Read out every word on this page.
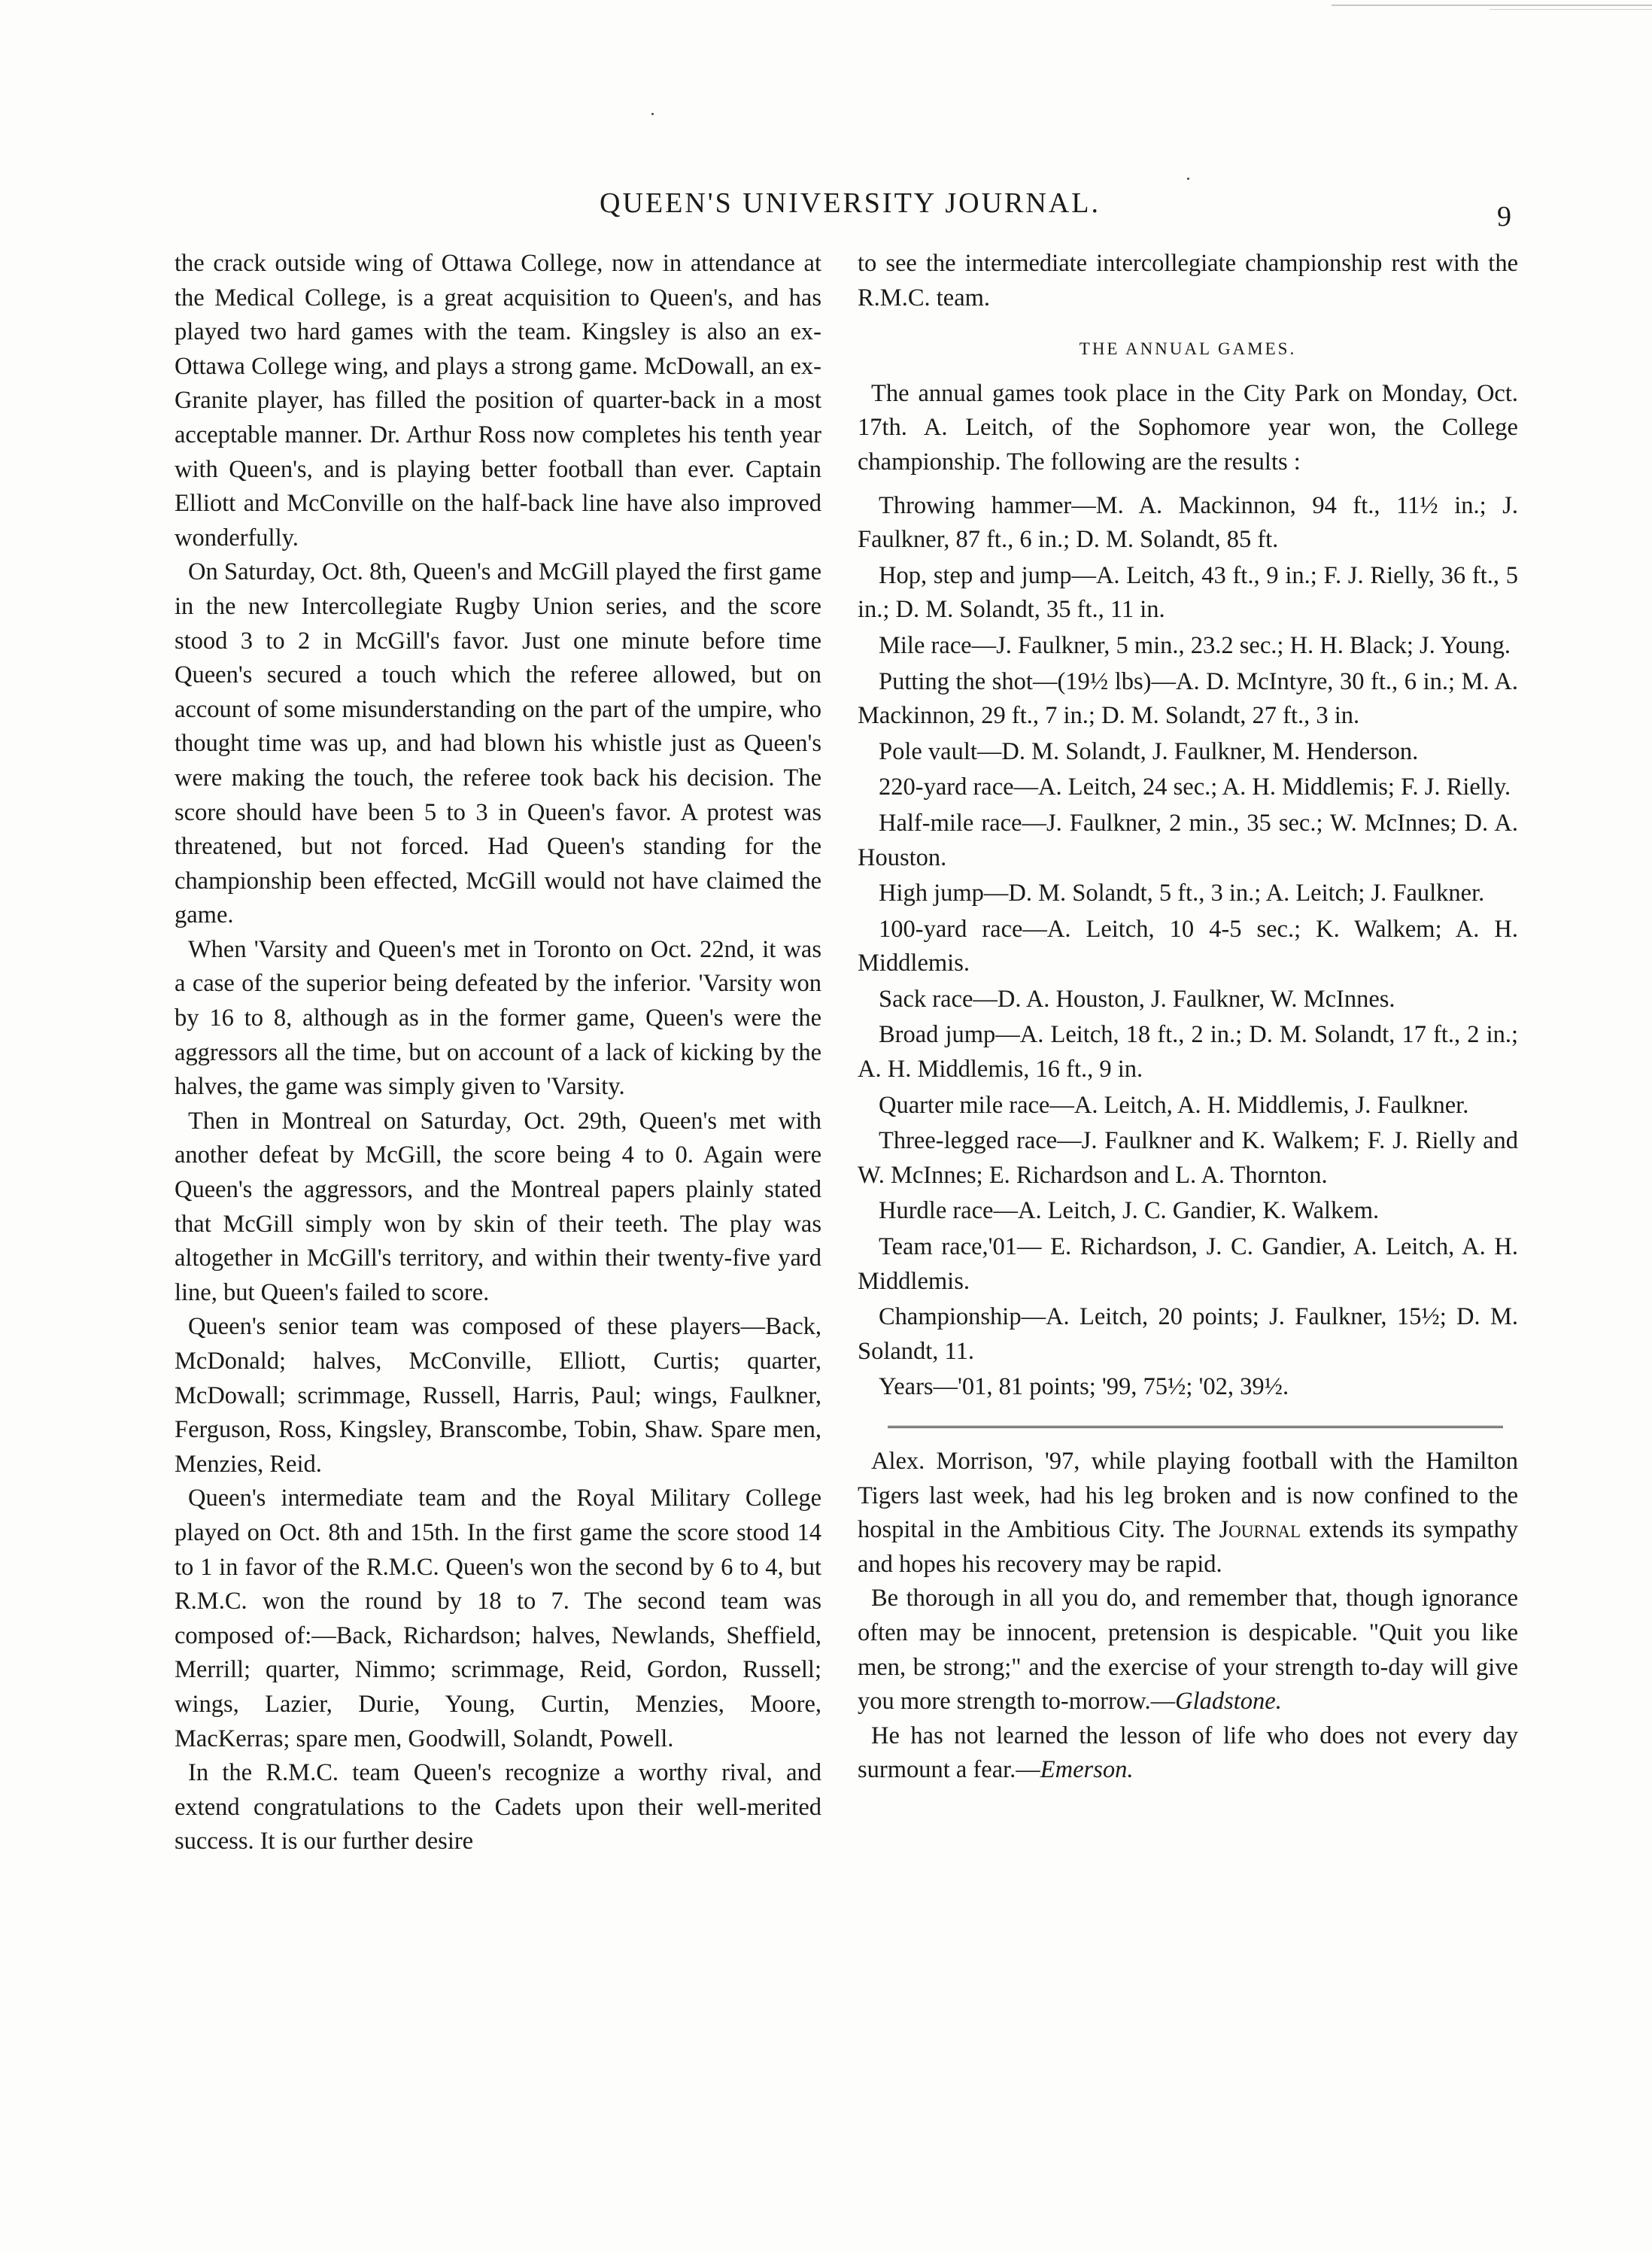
QUEEN'S UNIVERSITY JOURNAL.	9

the crack outside wing of Ottawa College, now in attendance at the Medical College, is a great acquisition to Queen's, and has played two hard games with the team. Kingsley is also an ex-Ottawa College wing, and plays a strong game. McDowall, an ex-Granite player, has filled the position of quarter-back in a most acceptable manner. Dr. Arthur Ross now completes his tenth year with Queen's, and is playing better football than ever. Captain Elliott and McConville on the half-back line have also improved wonderfully.

On Saturday, Oct. 8th, Queen's and McGill played the first game in the new Intercollegiate Rugby Union series, and the score stood 3 to 2 in McGill's favor. Just one minute before time Queen's secured a touch which the referee allowed, but on account of some misunderstanding on the part of the umpire, who thought time was up, and had blown his whistle just as Queen's were making the touch, the referee took back his decision. The score should have been 5 to 3 in Queen's favor. A protest was threatened, but not forced. Had Queen's standing for the championship been effected, McGill would not have claimed the game.

When 'Varsity and Queen's met in Toronto on Oct. 22nd, it was a case of the superior being defeated by the inferior. 'Varsity won by 16 to 8, although as in the former game, Queen's were the aggressors all the time, but on account of a lack of kicking by the halves, the game was simply given to 'Varsity.

Then in Montreal on Saturday, Oct. 29th, Queen's met with another defeat by McGill, the score being 4 to 0. Again were Queen's the aggressors, and the Montreal papers plainly stated that McGill simply won by skin of their teeth. The play was altogether in McGill's territory, and within their twenty-five yard line, but Queen's failed to score.

Queen's senior team was composed of these players—Back, McDonald; halves, McConville, Elliott, Curtis; quarter, McDowall; scrimmage, Russell, Harris, Paul; wings, Faulkner, Ferguson, Ross, Kingsley, Branscombe, Tobin, Shaw. Spare men, Menzies, Reid.

Queen's intermediate team and the Royal Military College played on Oct. 8th and 15th. In the first game the score stood 14 to 1 in favor of the R.M.C. Queen's won the second by 6 to 4, but R.M.C. won the round by 18 to 7. The second team was composed of:—Back, Richardson; halves, Newlands, Sheffield, Merrill; quarter, Nimmo; scrimmage, Reid, Gordon, Russell; wings, Lazier, Durie, Young, Curtin, Menzies, Moore, MacKerras; spare men, Goodwill, Solandt, Powell.

In the R.M.C. team Queen's recognize a worthy rival, and extend congratulations to the Cadets upon their well-merited success. It is our further desire

to see the intermediate intercollegiate championship rest with the R.M.C. team.

THE ANNUAL GAMES.

The annual games took place in the City Park on Monday, Oct. 17th. A. Leitch, of the Sophomore year won, the College championship. The following are the results :

Throwing hammer—M. A. Mackinnon, 94 ft., 11½ in.; J. Faulkner, 87 ft., 6 in.; D. M. Solandt, 85 ft.

Hop, step and jump—A. Leitch, 43 ft., 9 in.; F. J. Rielly, 36 ft., 5 in.; D. M. Solandt, 35 ft., 11 in.

Mile race—J. Faulkner, 5 min., 23.2 sec.; H. H. Black; J. Young.

Putting the shot—(19½ lbs)—A. D. McIntyre, 30 ft., 6 in.; M. A. Mackinnon, 29 ft., 7 in.; D. M. Solandt, 27 ft., 3 in.

Pole vault—D. M. Solandt, J. Faulkner, M. Henderson.

220-yard race—A. Leitch, 24 sec.; A. H. Middlemis; F. J. Rielly.

Half-mile race—J. Faulkner, 2 min., 35 sec.; W. McInnes; D. A. Houston.

High jump—D. M. Solandt, 5 ft., 3 in.; A. Leitch; J. Faulkner.

100-yard race—A. Leitch, 10 4-5 sec.; K. Walkem; A. H. Middlemis.

Sack race—D. A. Houston, J. Faulkner, W. McInnes.

Broad jump—A. Leitch, 18 ft., 2 in.; D. M. Solandt, 17 ft., 2 in.; A. H. Middlemis, 16 ft., 9 in.

Quarter mile race—A. Leitch, A. H. Middlemis, J. Faulkner.

Three-legged race—J. Faulkner and K. Walkem; F. J. Rielly and W. McInnes; E. Richardson and L. A. Thornton.

Hurdle race—A. Leitch, J. C. Gandier, K. Walkem.

Team race,'01— E. Richardson, J. C. Gandier, A. Leitch, A. H. Middlemis.

Championship—A. Leitch, 20 points; J. Faulkner, 15½; D. M. Solandt, 11.

Years—'01, 81 points; '99, 75½; '02, 39½.

Alex. Morrison, '97, while playing football with the Hamilton Tigers last week, had his leg broken and is now confined to the hospital in the Ambitious City. The Journal extends its sympathy and hopes his recovery may be rapid.

Be thorough in all you do, and remember that, though ignorance often may be innocent, pretension is despicable. "Quit you like men, be strong;" and the exercise of your strength to-day will give you more strength to-morrow.—Gladstone.

He has not learned the lesson of life who does not every day surmount a fear.—Emerson.
